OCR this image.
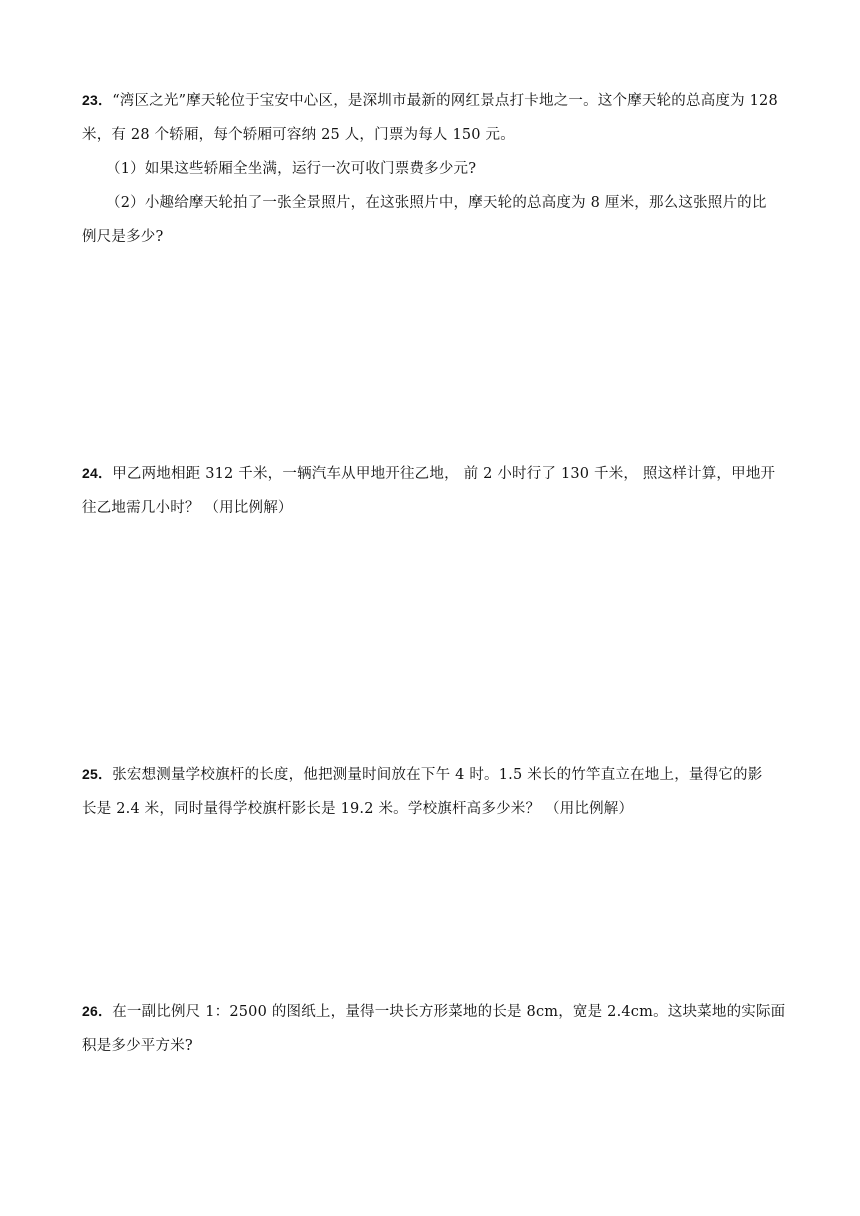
23．“湾区之光”摩天轮位于宝安中心区，是深圳市最新的网红景点打卡地之一。这个摩天轮的总高度为 128
米，有 28 个轿厢，每个轿厢可容纳 25 人，门票为每人 150 元。
（1）如果这些轿厢全坐满，运行一次可收门票费多少元?
（2）小趣给摩天轮拍了一张全景照片，在这张照片中，摩天轮的总高度为 8 厘米，那么这张照片的比
例尺是多少?
24．甲乙两地相距 312 千米，一辆汽车从甲地开往乙地， 前 2 小时行了 130 千米， 照这样计算，甲地开
往乙地需几小时？ （用比例解）
25．张宏想测量学校旗杆的长度，他把测量时间放在下午 4 时。1.5 米长的竹竿直立在地上，量得它的影
长是 2.4 米，同时量得学校旗杆影长是 19.2 米。学校旗杆高多少米？ （用比例解）
26．在一副比例尺 1：2500 的图纸上，量得一块长方形菜地的长是 8cm，宽是 2.4cm。这块菜地的实际面
积是多少平方米?
